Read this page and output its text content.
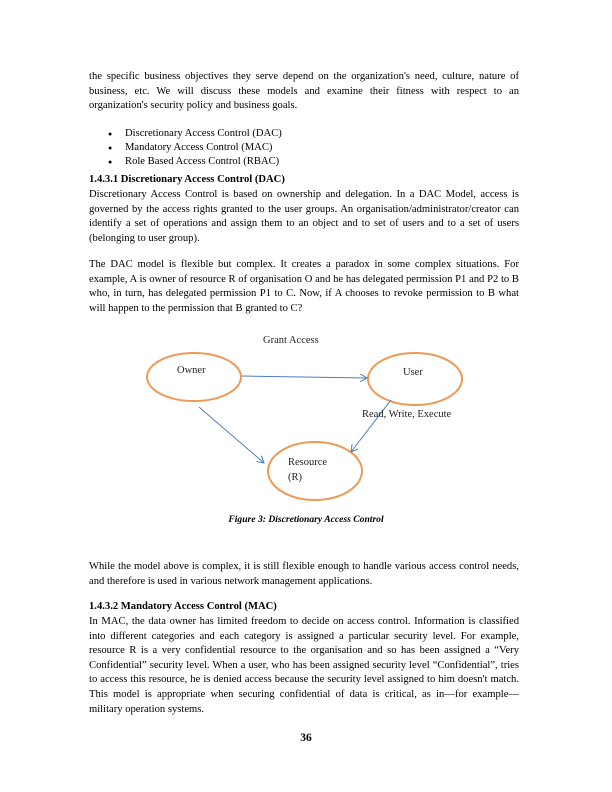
the specific business objectives they serve depend on the organization's need, culture, nature of business, etc. We will discuss these models and examine their fitness with respect to an organization's security policy and business goals.

● Discretionary Access Control (DAC)
● Mandatory Access Control (MAC)
● Role Based Access Control (RBAC)

1.4.3.1 Discretionary Access Control (DAC)

Discretionary Access Control is based on ownership and delegation. In a DAC Model, access is governed by the access rights granted to the user groups. An organisation/administrator/creator can identify a set of operations and assign them to an object and to set of users and to a set of users (belonging to user group).

The DAC model is flexible but complex. It creates a paradox in some complex situations. For example, A is owner of resource R of organisation O and he has delegated permission P1 and P2 to B who, in turn, has delegated permission P1 to C. Now, if A chooses to revoke permission to B what will happen to the permission that B granted to C?

Grant Access
Owner	User
Resource
(R)
Read, Write, Execute
Figure 3: Discretionary Access Control

While the model above is complex, it is still flexible enough to handle various access control needs, and therefore is used in various network management applications.

1.4.3.2 Mandatory Access Control (MAC)

In MAC, the data owner has limited freedom to decide on access control. Information is classified into different categories and each category is assigned a particular security level. For example, resource R is a very confidential resource to the organisation and so has been assigned a “Very Confidential” security level. When a user, who has been assigned security level “Confidential”, tries to access this resource, he is denied access because the security level assigned to him doesn't match. This model is appropriate when securing confidential of data is critical, as in—for example—military operation systems.

36
